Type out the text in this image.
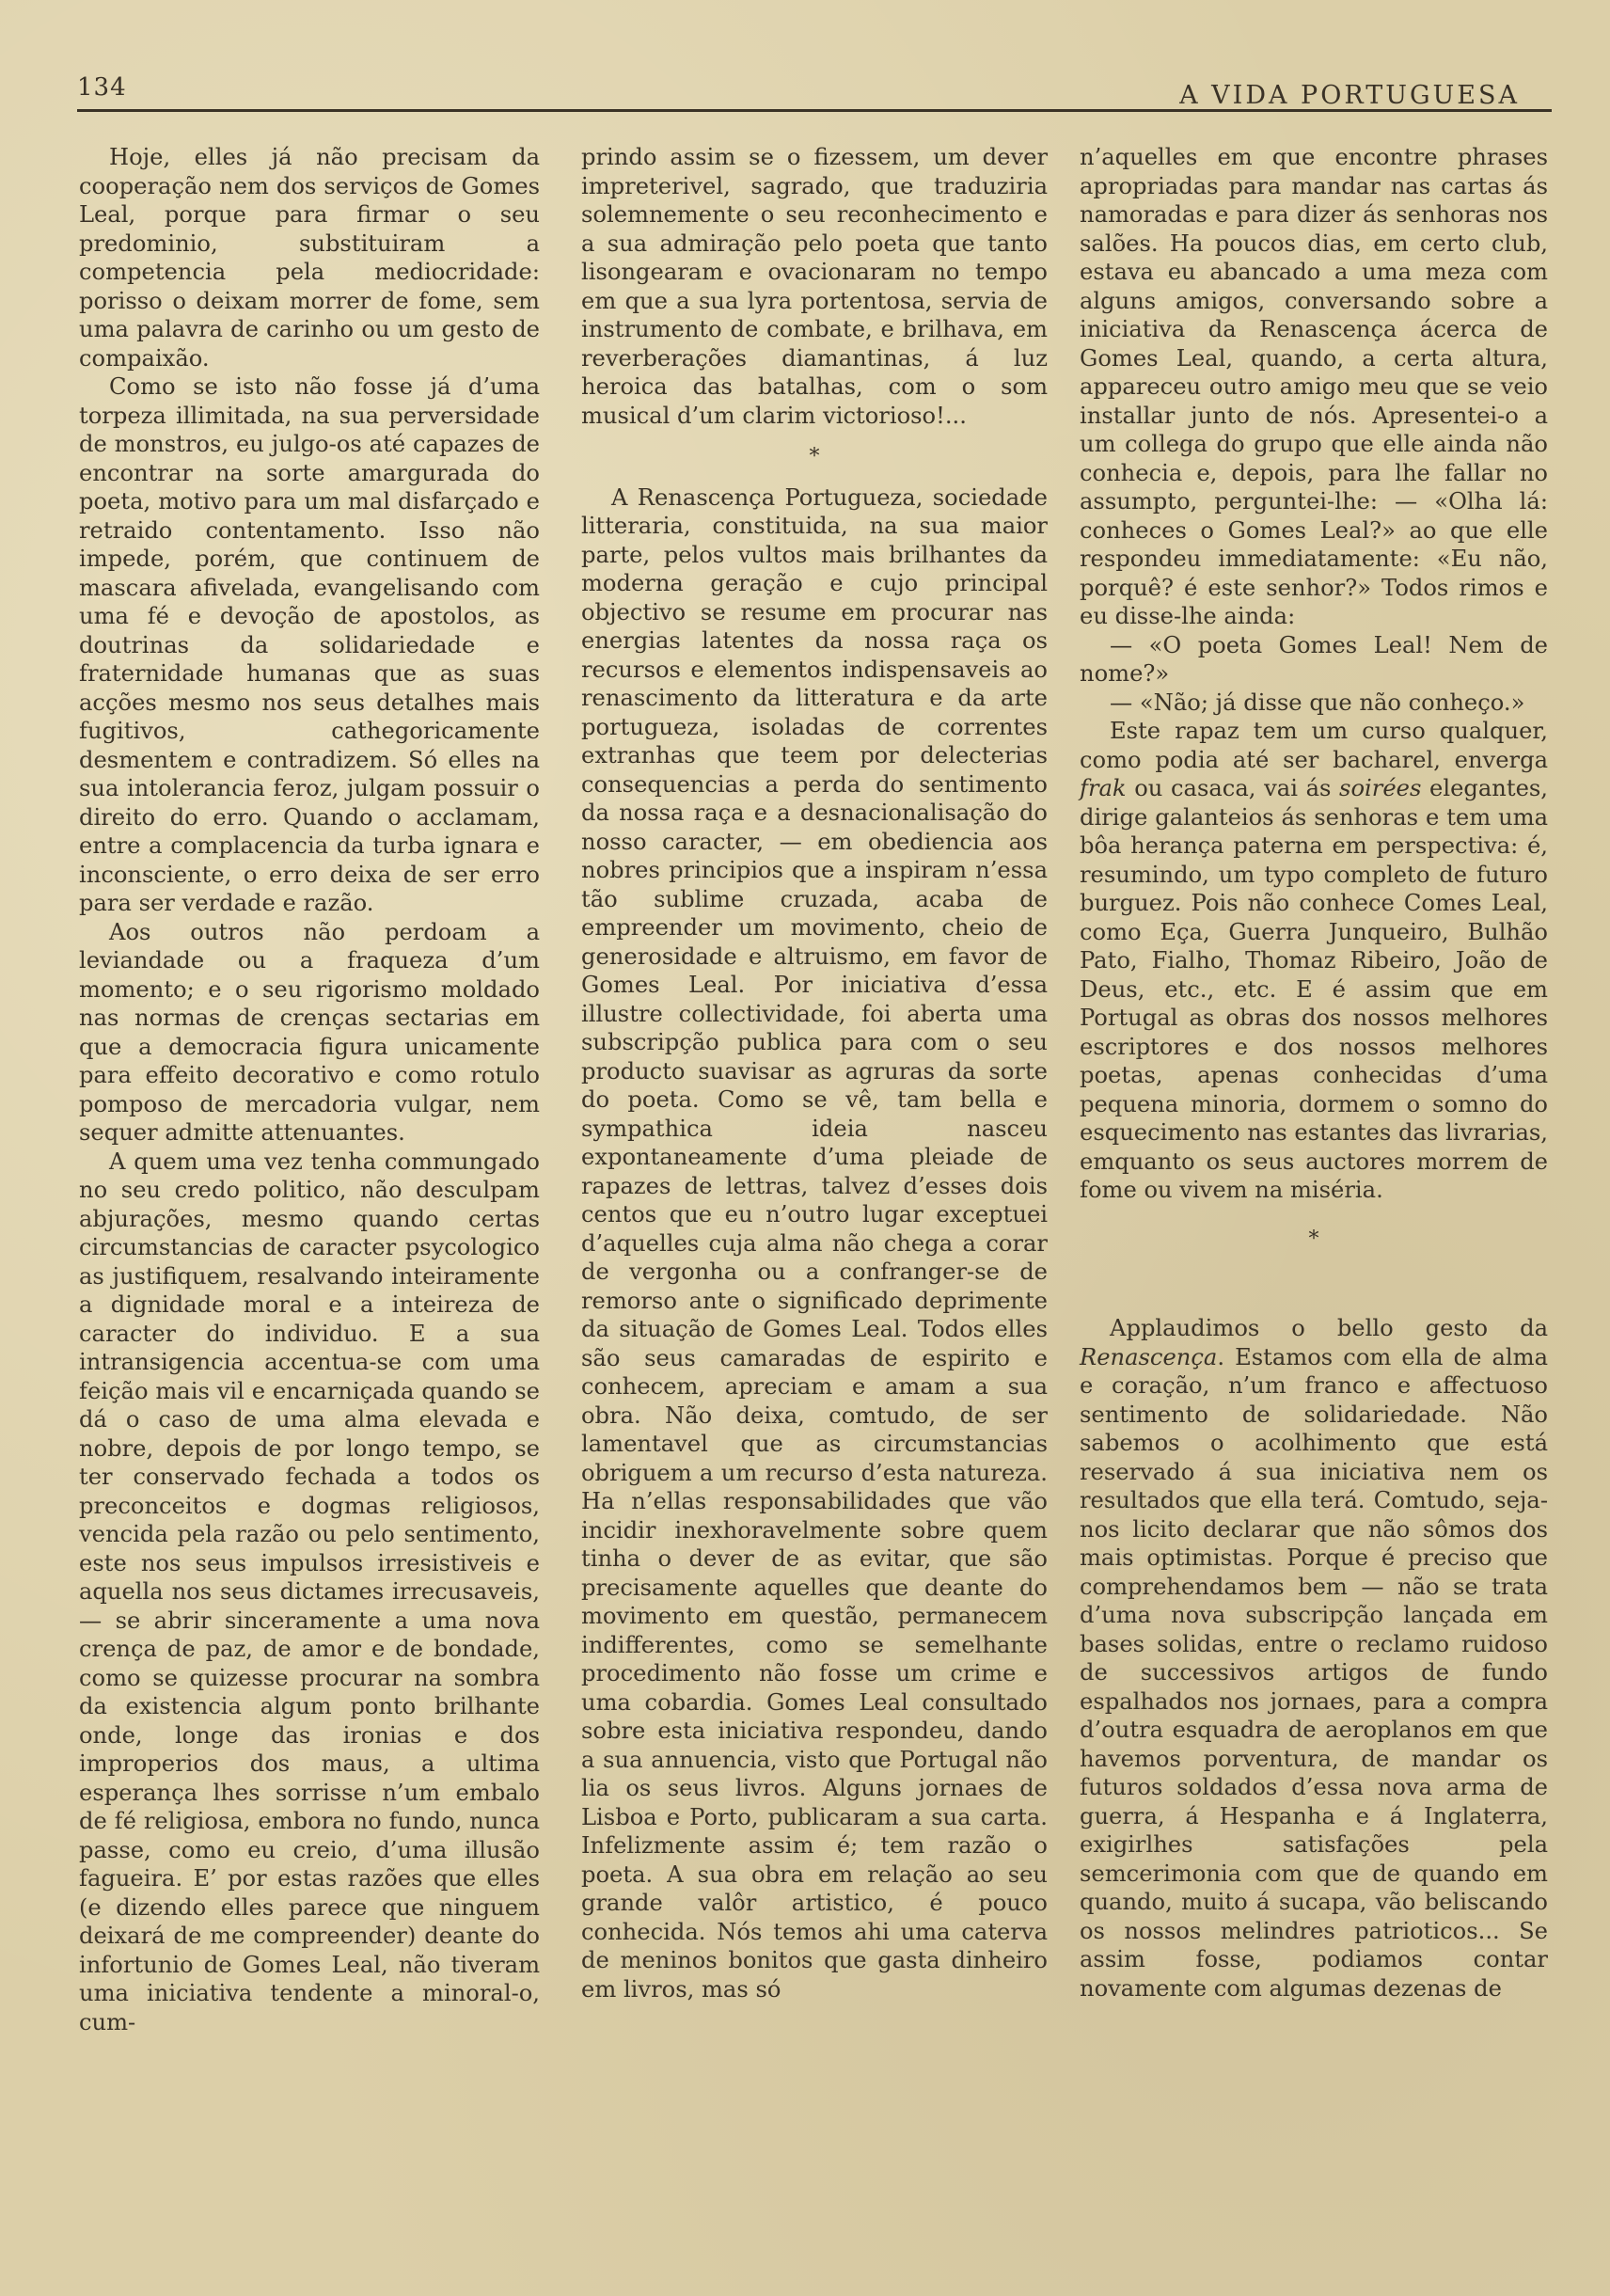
134	A VIDA PORTUGUESA

Hoje, elles já não precisam da cooperação nem dos serviços de Gomes Leal, porque para firmar o seu predominio, substituiram a competencia pela mediocridade: porisso o deixam morrer de fome, sem uma palavra de carinho ou um gesto de compaixão.

Como se isto não fosse já d’uma torpeza illimitada, na sua perversidade de monstros, eu julgo-os até capazes de encontrar na sorte amargurada do poeta, motivo para um mal disfarçado e retraido contentamento. Isso não impede, porém, que continuem de mascara afivelada, evangelisando com uma fé e devoção de apostolos, as doutrinas da solidariedade e fraternidade humanas que as suas acções mesmo nos seus detalhes mais fugitivos, cathegoricamente desmentem e contradizem. Só elles na sua intolerancia feroz, julgam possuir o direito do erro. Quando o acclamam, entre a complacencia da turba ignara e inconsciente, o erro deixa de ser erro para ser verdade e razão.

Aos outros não perdoam a leviandade ou a fraqueza d’um momento; e o seu rigorismo moldado nas normas de crenças sectarias em que a democracia figura unicamente para effeito decorativo e como rotulo pomposo de mercadoria vulgar, nem sequer admitte attenuantes.

A quem uma vez tenha commungado no seu credo politico, não desculpam abjurações, mesmo quando certas circumstancias de caracter psycologico as justifiquem, resalvando inteiramente a dignidade moral e a inteireza de caracter do individuo. E a sua intransigencia accentua-se com uma feição mais vil e encarniçada quando se dá o caso de uma alma elevada e nobre, depois de por longo tempo, se ter conservado fechada a todos os preconceitos e dogmas religiosos, vencida pela razão ou pelo sentimento, este nos seus impulsos irresistiveis e aquella nos seus dictames irrecusaveis, — se abrir sinceramente a uma nova crença de paz, de amor e de bondade, como se quizesse procurar na sombra da existencia algum ponto brilhante onde, longe das ironias e dos improperios dos maus, a ultima esperança lhes sorrisse n’um embalo de fé religiosa, embora no fundo, nunca passe, como eu creio, d’uma illusão fagueira. E’ por estas razões que elles (e dizendo elles parece que ninguem deixará de me compreender) deante do infortunio de Gomes Leal, não tiveram uma iniciativa tendente a minoral-o, cum-

prindo assim se o fizessem, um dever impreterivel, sagrado, que traduziria solemnemente o seu reconhecimento e a sua admiração pelo poeta que tanto lisongearam e ovacionaram no tempo em que a sua lyra portentosa, servia de instrumento de combate, e brilhava, em reverberações diamantinas, á luz heroica das batalhas, com o som musical d’um clarim victorioso!...

*

A Renascença Portugueza, sociedade litteraria, constituida, na sua maior parte, pelos vultos mais brilhantes da moderna geração e cujo principal objectivo se resume em procurar nas energias latentes da nossa raça os recursos e elementos indispensaveis ao renascimento da litteratura e da arte portugueza, isoladas de correntes extranhas que teem por delecterias consequencias a perda do sentimento da nossa raça e a desnacionalisação do nosso caracter, — em obediencia aos nobres principios que a inspiram n’essa tão sublime cruzada, acaba de empreender um movimento, cheio de generosidade e altruismo, em favor de Gomes Leal. Por iniciativa d’essa illustre collectividade, foi aberta uma subscripção publica para com o seu producto suavisar as agruras da sorte do poeta. Como se vê, tam bella e sympathica ideia nasceu expontaneamente d’uma pleiade de rapazes de lettras, talvez d’esses dois centos que eu n’outro lugar exceptuei d’aquelles cuja alma não chega a corar de vergonha ou a confranger-se de remorso ante o significado deprimente da situação de Gomes Leal. Todos elles são seus camaradas de espirito e conhecem, apreciam e amam a sua obra. Não deixa, comtudo, de ser lamentavel que as circumstancias obriguem a um recurso d’esta natureza. Ha n’ellas responsabilidades que vão incidir inexhoravelmente sobre quem tinha o dever de as evitar, que são precisamente aquelles que deante do movimento em questão, permanecem indifferentes, como se semelhante procedimento não fosse um crime e uma cobardia. Gomes Leal consultado sobre esta iniciativa respondeu, dando a sua annuencia, visto que Portugal não lia os seus livros. Alguns jornaes de Lisboa e Porto, publicaram a sua carta. Infelizmente assim é; tem razão o poeta. A sua obra em relação ao seu grande valôr artistico, é pouco conhecida. Nós temos ahi uma caterva de meninos bonitos que gasta dinheiro em livros, mas só

n’aquelles em que encontre phrases apropriadas para mandar nas cartas ás namoradas e para dizer ás senhoras nos salões. Ha poucos dias, em certo club, estava eu abancado a uma meza com alguns amigos, conversando sobre a iniciativa da Renascença ácerca de Gomes Leal, quando, a certa altura, appareceu outro amigo meu que se veio installar junto de nós. Apresentei-o a um collega do grupo que elle ainda não conhecia e, depois, para lhe fallar no assumpto, perguntei-lhe: — «Olha lá: conheces o Gomes Leal?» ao que elle respondeu immediatamente: «Eu não, porquê? é este senhor?» Todos rimos e eu disse-lhe ainda:

— «O poeta Gomes Leal! Nem de nome?»

— «Não; já disse que não conheço.»

Este rapaz tem um curso qualquer, como podia até ser bacharel, enverga frak ou casaca, vai ás soirées elegantes, dirige galanteios ás senhoras e tem uma bôa herança paterna em perspectiva: é, resumindo, um typo completo de futuro burguez. Pois não conhece Comes Leal, como Eça, Guerra Junqueiro, Bulhão Pato, Fialho, Thomaz Ribeiro, João de Deus, etc., etc. E é assim que em Portugal as obras dos nossos melhores escriptores e dos nossos melhores poetas, apenas conhecidas d’uma pequena minoria, dormem o somno do esquecimento nas estantes das livrarias, emquanto os seus auctores morrem de fome ou vivem na miséria.

*

Applaudimos o bello gesto da Renascença. Estamos com ella de alma e coração, n’um franco e affectuoso sentimento de solidariedade. Não sabemos o acolhimento que está reservado á sua iniciativa nem os resultados que ella terá. Comtudo, seja-nos licito declarar que não sômos dos mais optimistas. Porque é preciso que comprehendamos bem — não se trata d’uma nova subscripção lançada em bases solidas, entre o reclamo ruidoso de successivos artigos de fundo espalhados nos jornaes, para a compra d’outra esquadra de aeroplanos em que havemos porventura, de mandar os futuros soldados d’essa nova arma de guerra, á Hespanha e á Inglaterra, exigirlhes satisfações pela semcerimonia com que de quando em quando, muito á sucapa, vão beliscando os nossos melindres patrioticos... Se assim fosse, podiamos contar novamente com algumas dezenas de
